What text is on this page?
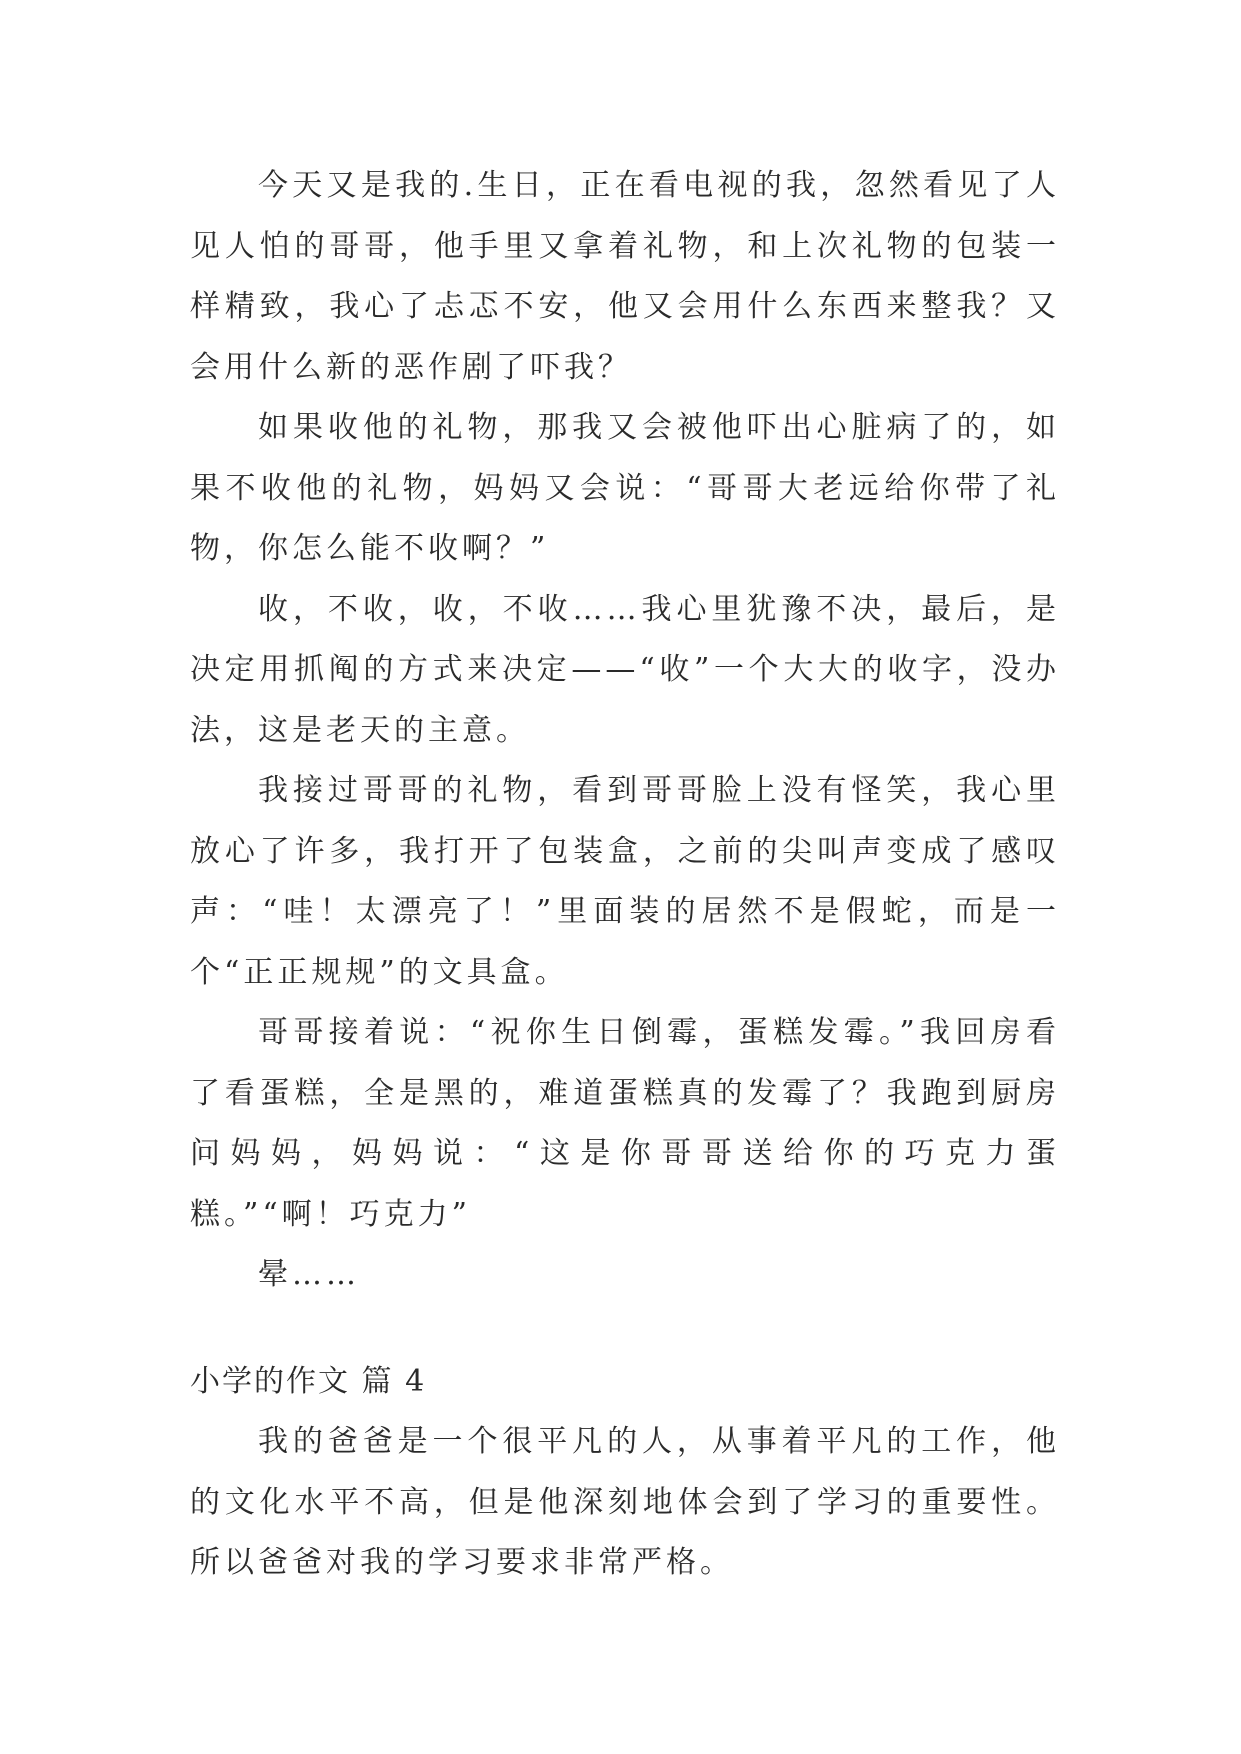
今天又是我的.生日，正在看电视的我，忽然看见了人见人怕的哥哥，他手里又拿着礼物，和上次礼物的包装一样精致，我心了忐忑不安，他又会用什么东西来整我？又会用什么新的恶作剧了吓我？

如果收他的礼物，那我又会被他吓出心脏病了的，如果不收他的礼物，妈妈又会说：“哥哥大老远给你带了礼物，你怎么能不收啊？”

收，不收，收，不收……我心里犹豫不决，最后，是决定用抓阄的方式来决定——“收”一个大大的收字，没办法，这是老天的主意。

我接过哥哥的礼物，看到哥哥脸上没有怪笑，我心里放心了许多，我打开了包装盒，之前的尖叫声变成了感叹声：“哇！太漂亮了！”里面装的居然不是假蛇，而是一个“正正规规”的文具盒。

哥哥接着说：“祝你生日倒霉，蛋糕发霉。”我回房看了看蛋糕，全是黑的，难道蛋糕真的发霉了？我跑到厨房问妈妈，妈妈说：“这是你哥哥送给你的巧克力蛋糕。”“啊！巧克力”

晕……

小学的作文 篇 4

我的爸爸是一个很平凡的人，从事着平凡的工作，他的文化水平不高，但是他深刻地体会到了学习的重要性。所以爸爸对我的学习要求非常严格。
